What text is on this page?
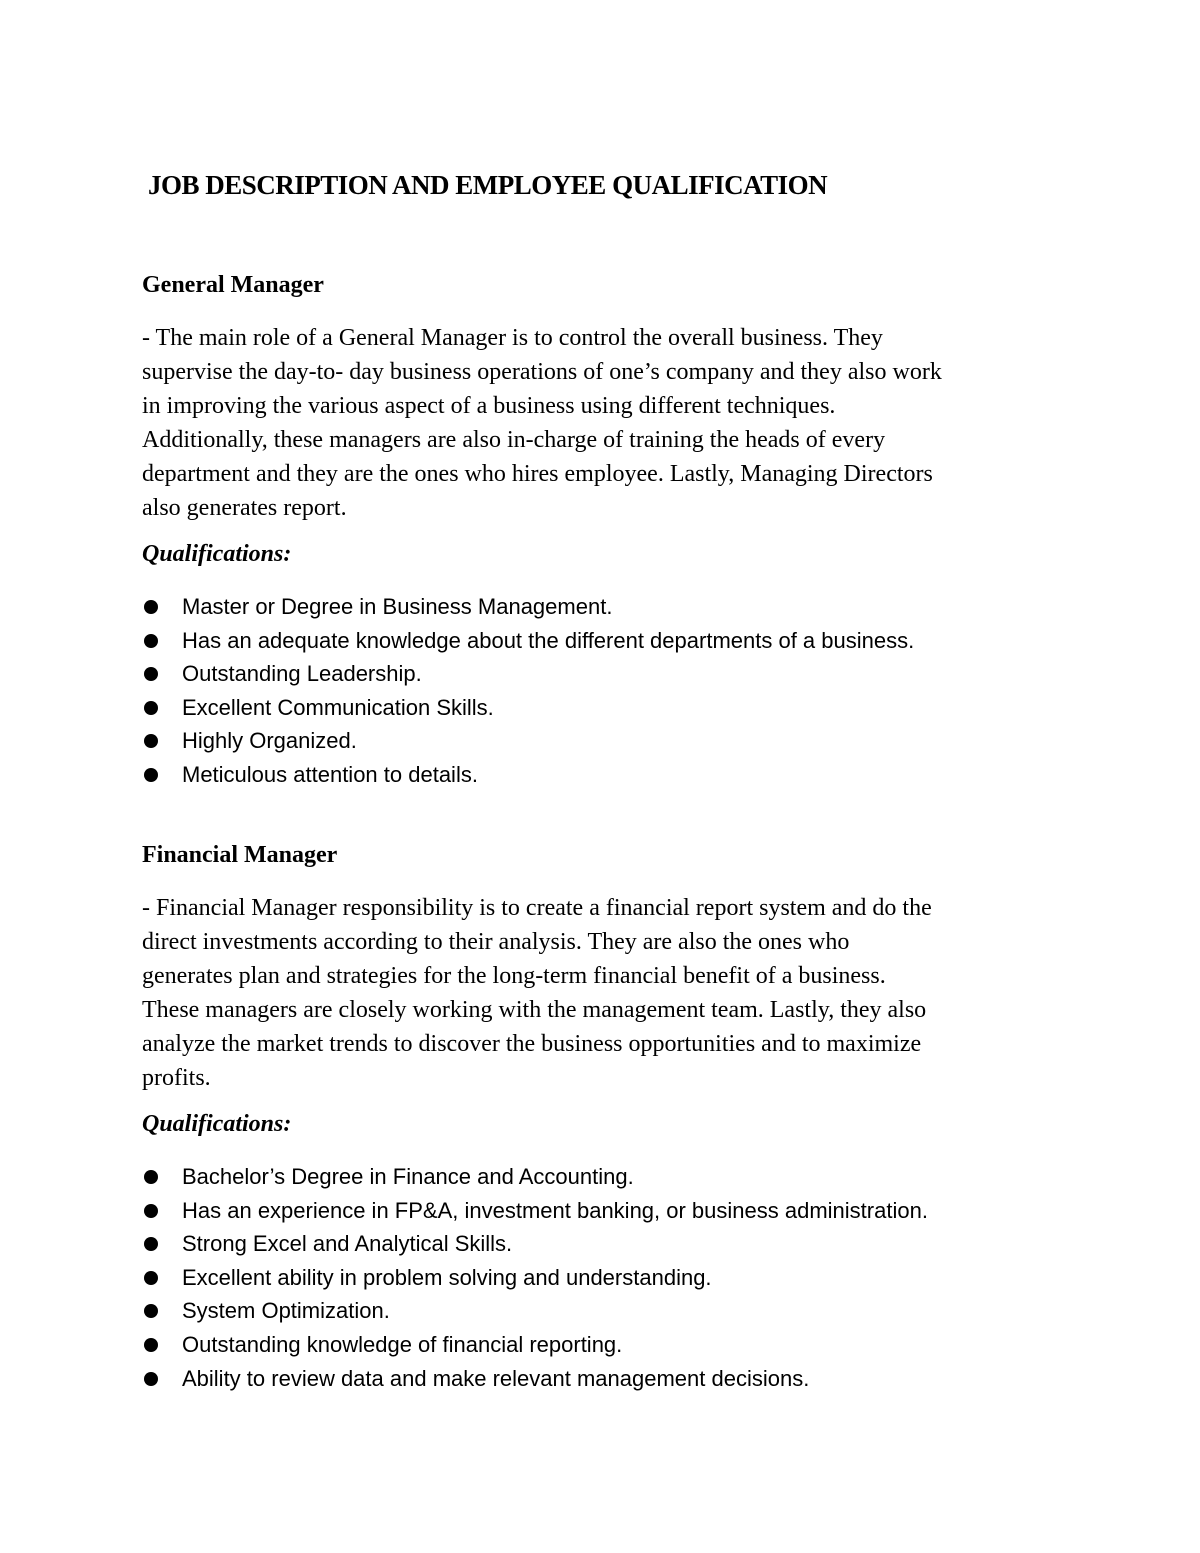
JOB DESCRIPTION AND EMPLOYEE QUALIFICATION
General Manager

- The main role of a General Manager is to control the overall business. They
supervise the day-to- day business operations of one’s company and they also work
in improving the various aspect of a business using different techniques.
Additionally, these managers are also in-charge of training the heads of every
department and they are the ones who hires employee. Lastly, Managing Directors
also generates report.

Qualifications:
Master or Degree in Business Management.
Has an adequate knowledge about the different departments of a business.
Outstanding Leadership.
Excellent Communication Skills.
Highly Organized.
Meticulous attention to details.
Financial Manager

- Financial Manager responsibility is to create a financial report system and do the
direct investments according to their analysis. They are also the ones who
generates plan and strategies for the long-term financial benefit of a business.
These managers are closely working with the management team. Lastly, they also
analyze the market trends to discover the business opportunities and to maximize
profits.

Qualifications:
Bachelor’s Degree in Finance and Accounting.
Has an experience in FP&A, investment banking, or business administration.
Strong Excel and Analytical Skills.
Excellent ability in problem solving and understanding.
System Optimization.
Outstanding knowledge of financial reporting.
Ability to review data and make relevant management decisions.
